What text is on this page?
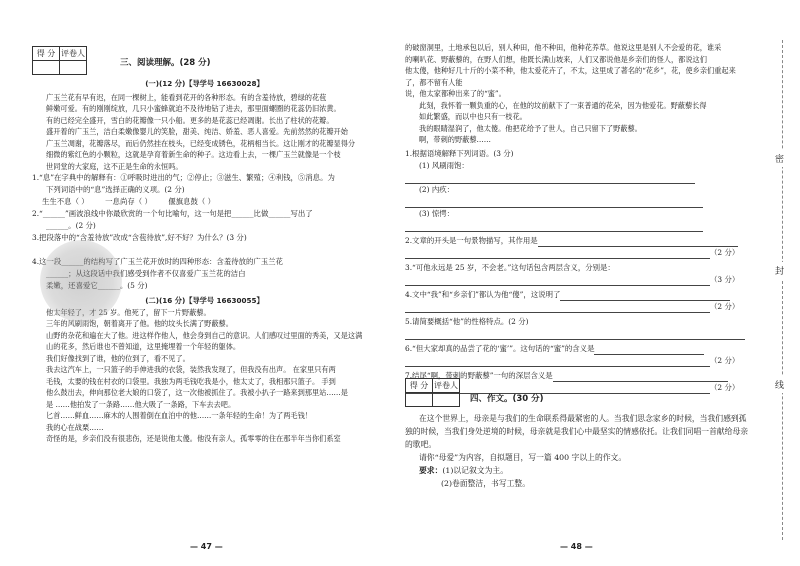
得 分	评卷人

三、阅读理解。(28 分)

(一)(12 分)【导学号 16630028】

广玉兰花有早有迟，在同一棵树上，能看到花开的各种形态。有的含羞待放，碧绿的花苞

鲜嫩可爱。有的刚刚绽放，几只小蜜蜂就迫不及待地钻了进去，那里面螺圈的花蕊仍旧浓黄。

有的已经完全盛开，雪白的花瓣像一只小船。更多的是花蕊已经凋谢。长出了柱状的花瓣。

盛开着的广玉兰，洁白柔嫩像婴儿的笑脸，甜美、纯洁、娇羞、恶人喜爱。先前然然的花瓣开始

广玉兰凋谢，花瓣落尽，而后仍然挂在枝头，已经变成锈色，花柄相当长。这让刚才的花瓣显得分

细微的紫红色的小颗粒，这就是孕育着新生命的种子。这边看上去，一棵广玉兰就像是一个枝

世同堂的大家庭，这不正是生命的永恒吗。

1.“息”在字典中的解释有：①呼吸时进出的气；②停止；③滋生、繁殖；④利钱，⑤消息。为

下列词语中的“息”选择正确的义项。(2 分)

生生不息（ ） 一息尚存（ ） 偃旗息鼓（ ）

2.“______”画波浪线中你最欣赏的一个句比喻句，这一句是把______比做______写出了

______。(2 分)

3.把段落中的“含羞待放”改成“含苞待放”,好不好？为什么？(3 分)

4.这一段______的结构写了广玉兰花开放时的四种形态：含羞待放的广玉兰花

______；从这段话中我们感受到作者不仅喜爱广玉兰花的洁白

柔嫩，还喜爱它______。(5 分)

(二)(16 分)【导学号 16630055】

他太年轻了，才 25 岁。他死了，留下一片野蔽藜。

三年的风刷雨饱，朝着离开了他。他的坟头长满了野蔽藜。

山野的杂花和遍在大了他。进这样作他人，他会身到自己的意识。人们感叹过里面的秀美，又是这满

山的花多，然后谁也不曾知道，这里掩埋着一个年轻的躯体。

我们好像找到了谁，他的位到了，看不见了。

我去这汽车上，一只篮子的手伸进我的衣袋，装然我发现了，但我没有出声。 在家里只有两

毛钱，太要的钱在村衣的口袋里。我独为两毛钱吃我是小，他太丈了，我相那只篮子。 手到

他么鼓出去，伸向那位老大娘的口袋了，这一次他被抓住了。我被小扒子一路来到那里站……是

是 ……他拍发了一条路……他大吸了一条路，下车去去吧。

匕首……鲜血……麻木的人围着倒在血泊中的他……一条年轻的生命！为了两毛钱！

我的心在战栗……

奇怪的是，乡亲们没有很悲伤，还是说他太傻。他没有亲人，孤零零的住在那半年当你们系室

— 47 —

的破窗洞里，土地承包以后，别人种田，他不种田，他种花养草。他说这里是别人不会爱的花，谁采

的喇叭花、野蔽藜的，在野人们想，他既长满山坡来，人们又都说他是乡亲们的怪人，都说这们

他太傻，他种好几十斤的小菜不种，他太爱花卉了，不太，这里成了著名的“花乡”，花，使乡亲们重起来了，都不留有人能

说，他太家都种出来了的“蜜”。

此刻，我怀着一颗负重的心，在他的坟前献下了一束普通的花朵，因为他爱花。野蔽藜长得

如此繁盛，而以中也只有一枝花。

我的眼睛湿润了，他太傻。他把花给予了世人，自己只留下了野蔽藜。

啊，带刺的野蔽藜……

1.根据语境解释下列词语。(3 分)

(1) 风刷雨饱：

(2) 内疚：

(3) 惊愕：

2.文章的开头是一句景物描写，其作用是

（2 分）

3.“可他永远是 25 岁，不会老。”这句话包含两层含义，分别是：

（3 分）

4.文中“我”和“乡亲们”都认为他“傻”，这说明了

（2 分）

5.请简要概括“他”的性格特点。(2 分)

6.“但大家却真的品尝了花的‘蜜’”。这句话的“蜜”的含义是

（2 分）

7.结尾“啊，带刺的野蔽藜”一句的深层含义是

（2 分）

得 分	评卷人

四、作文。(30 分)

在这个世界上，母亲是与我们的生命联系得最紧密的人。当我们思念家乡的时候，当我们感到孤独的时候，当我们身处逆境的时候，母亲就是我们心中最坚实的情感依托。让我们同唱一首献给母亲的歌吧。

请你“母爱”为内容，自拟题目，写一篇 400 字以上的作文。

要求：(1)以记叙文为主。

(2)卷面整洁，书写工整。

— 48 —
密
封
线
